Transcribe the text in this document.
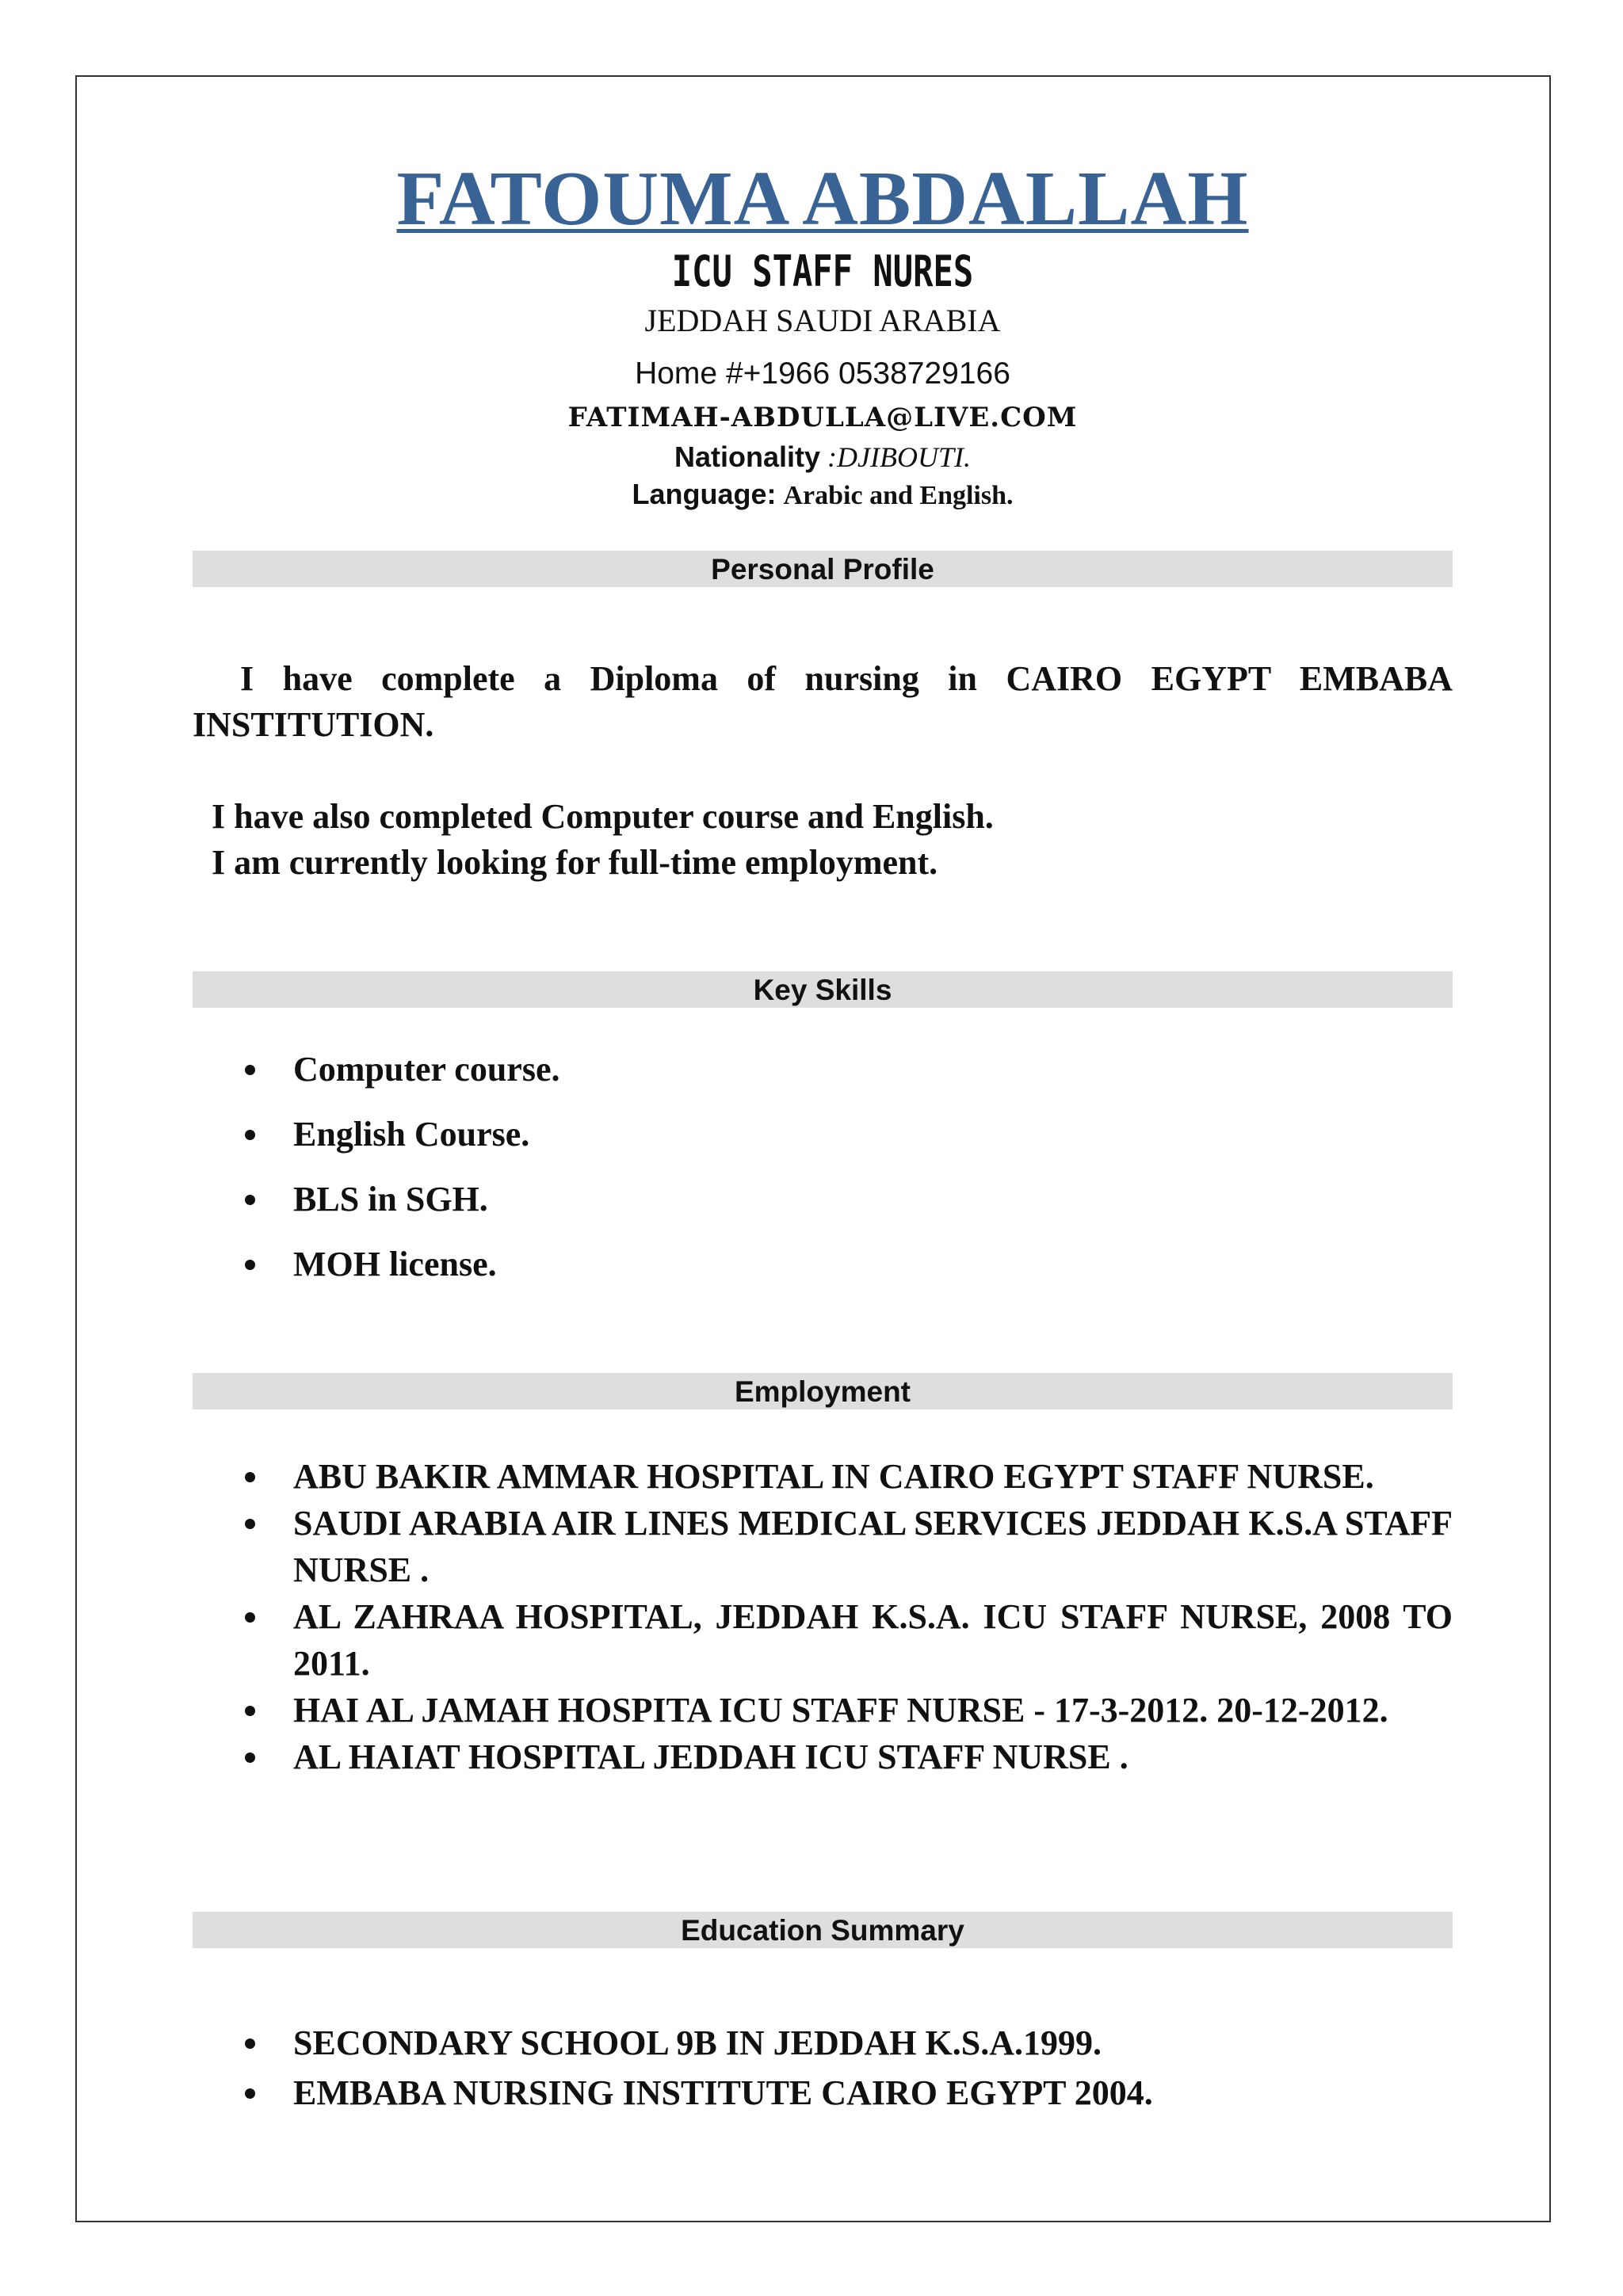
FATOUMA ABDALLAH
ICU STAFF NURES
JEDDAH SAUDI ARABIA
Home #+1966 0538729166
FATIMAH-ABDULLA@LIVE.COM
Nationality :DJIBOUTI.
Language: Arabic and English.
Personal Profile
I have complete a Diploma of nursing in CAIRO EGYPT EMBABA INSTITUTION.
I have also completed Computer course and English.
I am currently looking for full-time employment.
Key Skills
Computer course.
English Course.
BLS in SGH.
MOH license.
Employment
ABU BAKIR AMMAR HOSPITAL IN CAIRO EGYPT STAFF NURSE.
SAUDI ARABIA AIR LINES MEDICAL SERVICES JEDDAH K.S.A STAFF NURSE .
AL ZAHRAA HOSPITAL, JEDDAH K.S.A. ICU STAFF NURSE, 2008 TO 2011.
HAI AL JAMAH HOSPITA ICU STAFF NURSE - 17-3-2012. 20-12-2012.
AL HAIAT HOSPITAL JEDDAH ICU STAFF NURSE .
Education Summary
SECONDARY SCHOOL 9B IN JEDDAH K.S.A.1999.
EMBABA NURSING INSTITUTE CAIRO EGYPT 2004.
